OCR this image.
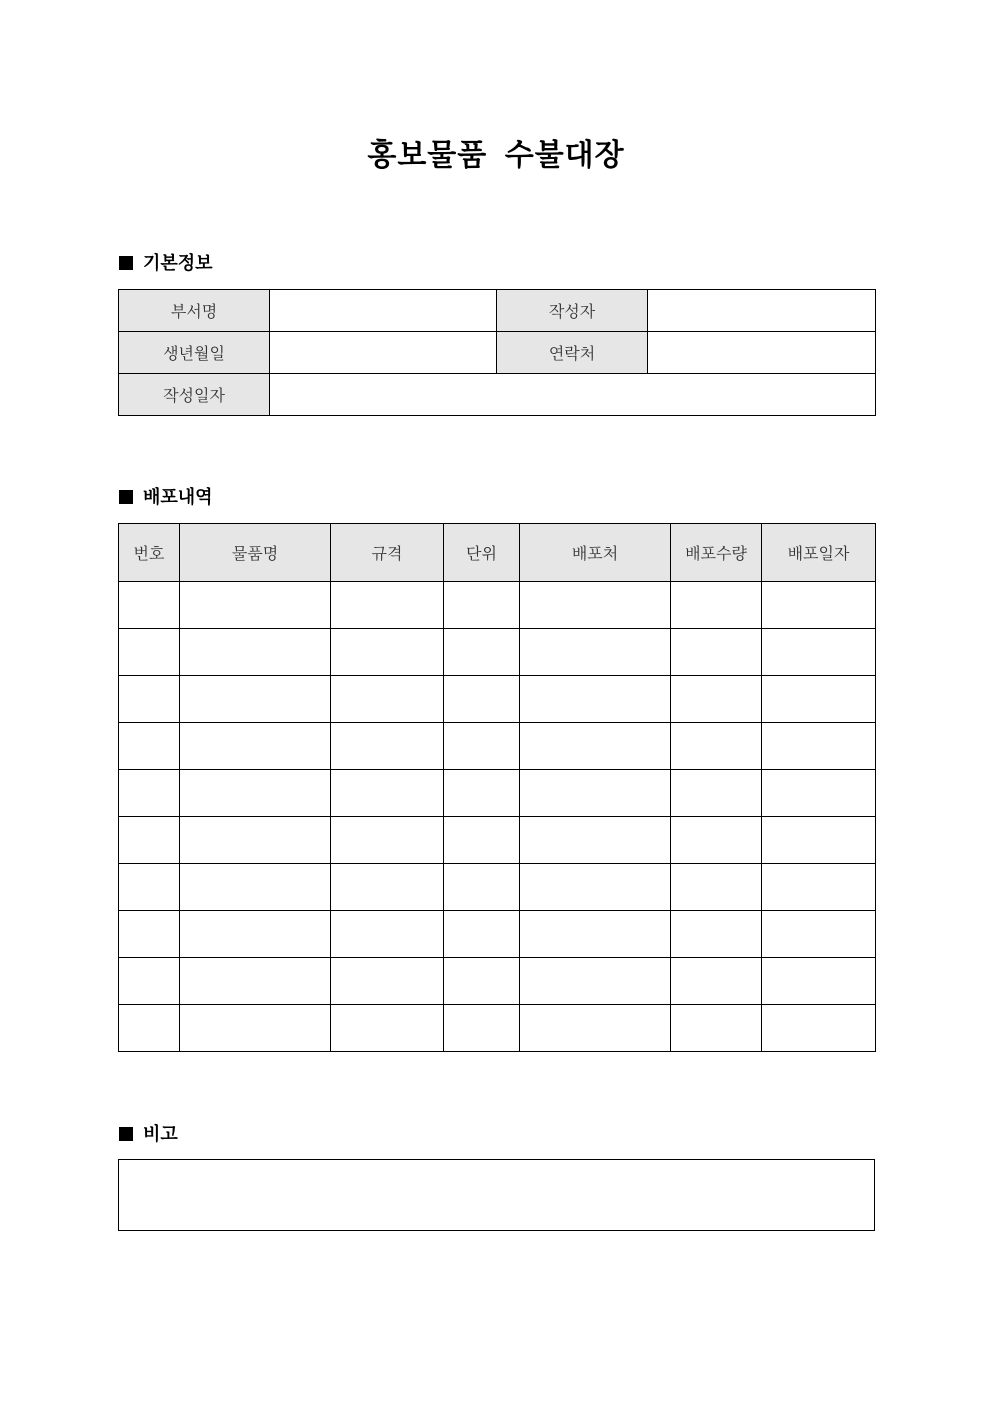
홍보물품 수불대장
기본정보
부서명		작성자	
생년월일		연락처	
작성일자			
배포내역
번호	물품명	규격	단위	배포처	배포수량	배포일자

비고
